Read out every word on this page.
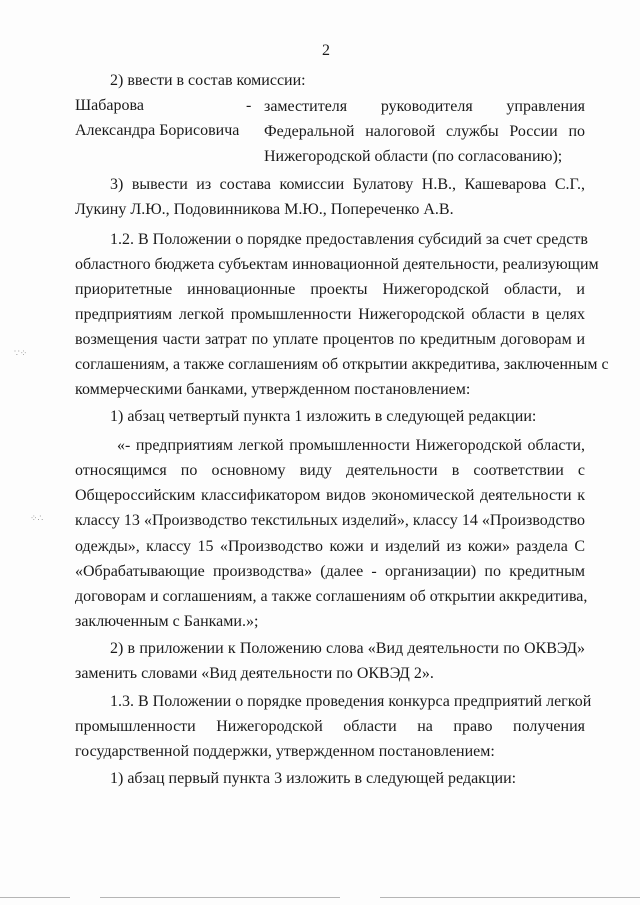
2
2) ввести в состав комиссии:
Шабарова
Александра Борисовича
- заместителя руководителя управления
Федеральной налоговой службы России по
Нижегородской области (по согласованию);
3) вывести из состава комиссии Булатову Н.В., Кашеварова С.Г.,
Лукину Л.Ю., Подовинникова М.Ю., Попереченко А.В.
1.2. В Положении о порядке предоставления субсидий за счет средств
областного бюджета субъектам инновационной деятельности, реализующим
приоритетные инновационные проекты Нижегородской области, и
предприятиям легкой промышленности Нижегородской области в целях
возмещения части затрат по уплате процентов по кредитным договорам и
соглашениям, а также соглашениям об открытии аккредитива, заключенным с
коммерческими банками, утвержденном постановлением:
1) абзац четвертый пункта 1 изложить в следующей редакции:
«- предприятиям легкой промышленности Нижегородской области,
относящимся по основному виду деятельности в соответствии с
Общероссийским классификатором видов экономической деятельности к
классу 13 «Производство текстильных изделий», классу 14 «Производство
одежды», классу 15 «Производство кожи и изделий из кожи» раздела С
«Обрабатывающие производства» (далее - организации) по кредитным
договорам и соглашениям, а также соглашениям об открытии аккредитива,
заключенным с Банками.»;
2) в приложении к Положению слова «Вид деятельности по ОКВЭД»
заменить словами «Вид деятельности по ОКВЭД 2».
1.3. В Положении о порядке проведения конкурса предприятий легкой
промышленности Нижегородской области на право получения
государственной поддержки, утвержденном постановлением:
1) абзац первый пункта 3 изложить в следующей редакции:
∵⁘
⁘∴
